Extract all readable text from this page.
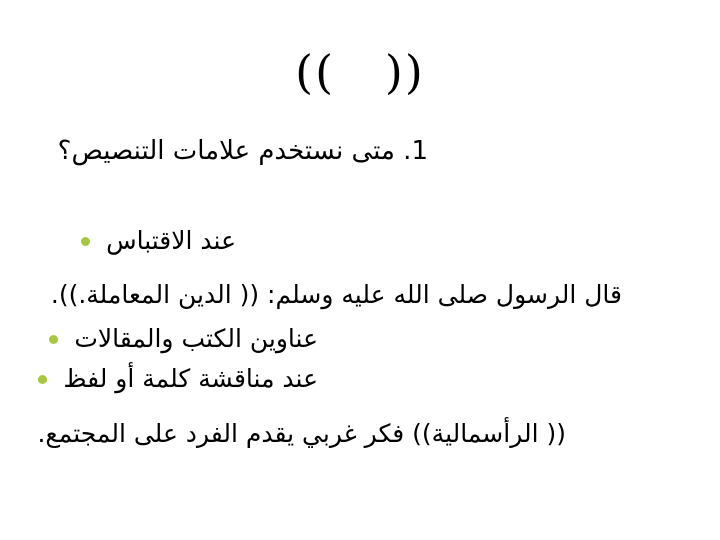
((   ))
1. متى نستخدم علامات التنصيص؟
عند الاقتباس
قال الرسول صلى الله عليه وسلم: (( الدين المعاملة.)).
عناوين الكتب والمقالات
عند مناقشة كلمة أو لفظ
(( الرأسمالية)) فكر غربي يقدم الفرد على المجتمع.
